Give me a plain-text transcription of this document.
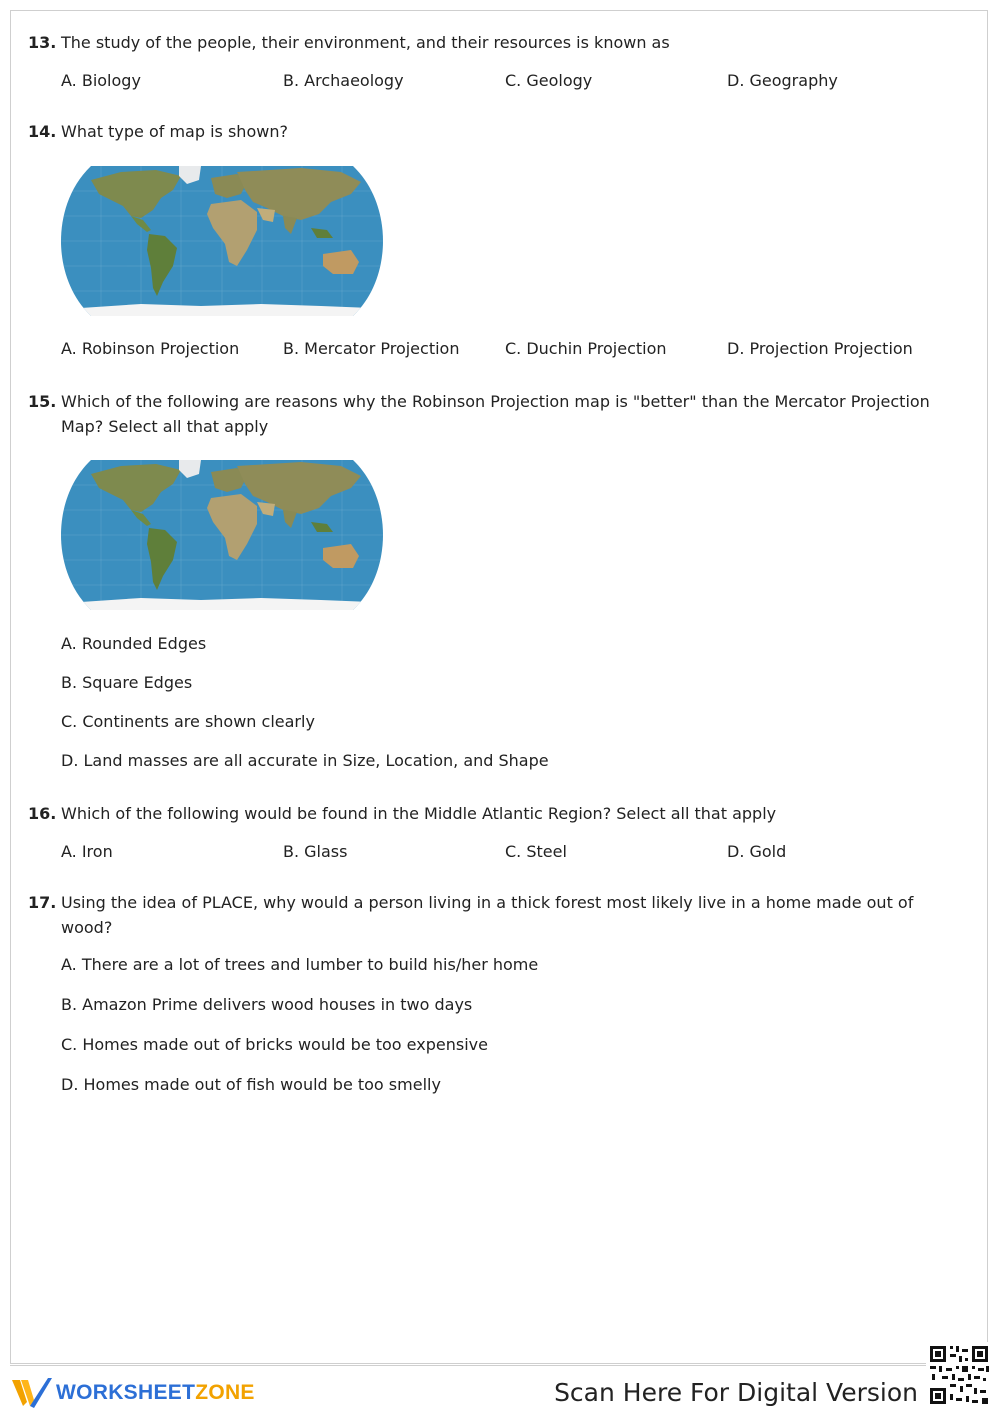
13. The study of the people, their environment, and their resources is known as
A. Biology	B. Archaeology	C. Geology	D. Geography
14. What type of map is shown?
A. Robinson Projection	B. Mercator Projection	C. Duchin Projection	D. Projection Projection
15. Which of the following are reasons why the Robinson Projection map is "better" than the Mercator Projection Map? Select all that apply
A. Rounded Edges
B. Square Edges
C. Continents are shown clearly
D. Land masses are all accurate in Size, Location, and Shape
16. Which of the following would be found in the Middle Atlantic Region? Select all that apply
A. Iron	B. Glass	C. Steel	D. Gold
17. Using the idea of PLACE, why would a person living in a thick forest most likely live in a home made out of wood?
A. There are a lot of trees and lumber to build his/her home
B. Amazon Prime delivers wood houses in two days
C. Homes made out of bricks would be too expensive
D. Homes made out of fish would be too smelly
WORKSHEETZONE	Scan Here For Digital Version
